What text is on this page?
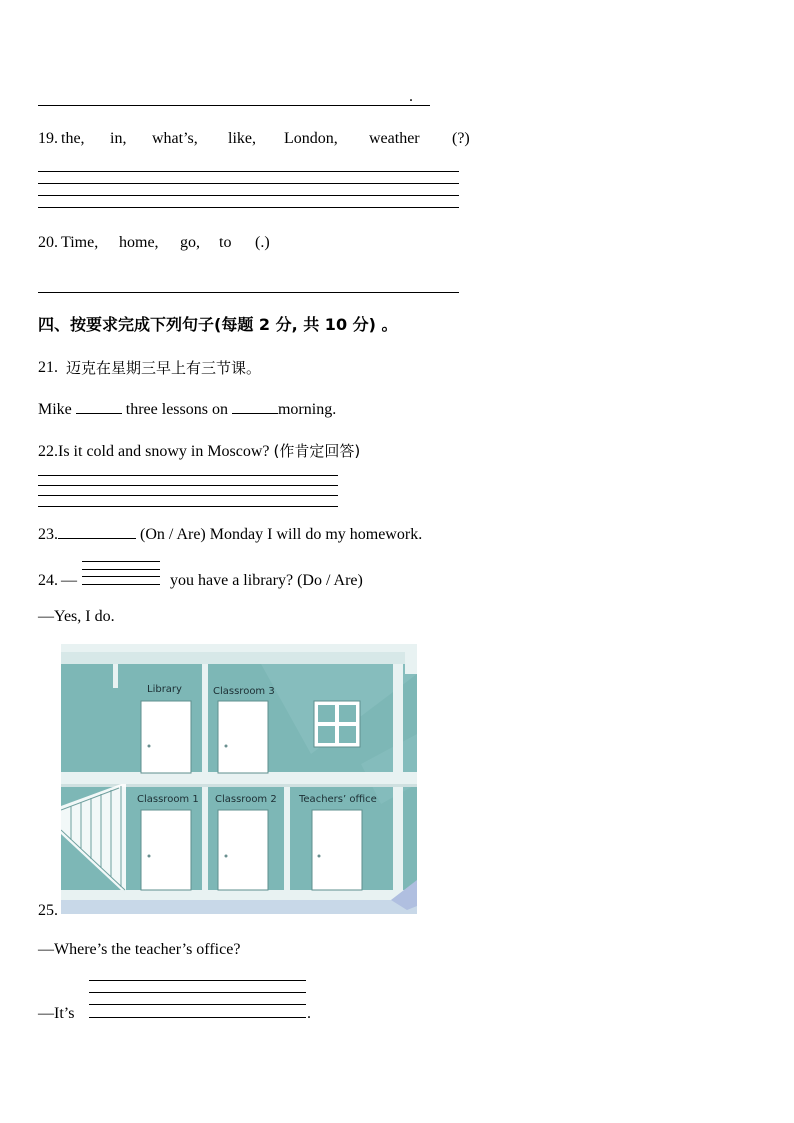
.
19. the, in, what’s, like, London, weather (?)
20. Time, home, go, to (.)
四、按要求完成下列句子(每题 2 分, 共 10 分) 。
21. 迈克在星期三早上有三节课。
Mike	three lessons on	morning.
22.Is it cold and snowy in Moscow? (作肯定回答)
23.	(On / Are) Monday I will do my homework.
24. —	you have a library? (Do / Are)
—Yes, I do.
Library	Classroom 3
Classroom 1 Classroom 2 Teachers’ office
25.
—Where’s the teacher’s office?
—It’s	.
